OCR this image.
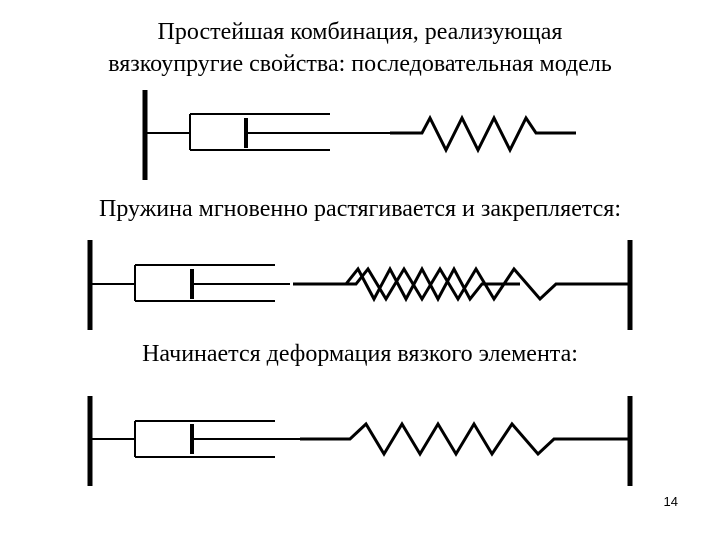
Простейшая комбинация, реализующая
вязкоупругие свойства: последовательная модель
Пружина мгновенно растягивается и закрепляется:
Начинается деформация вязкого элемента:
14
